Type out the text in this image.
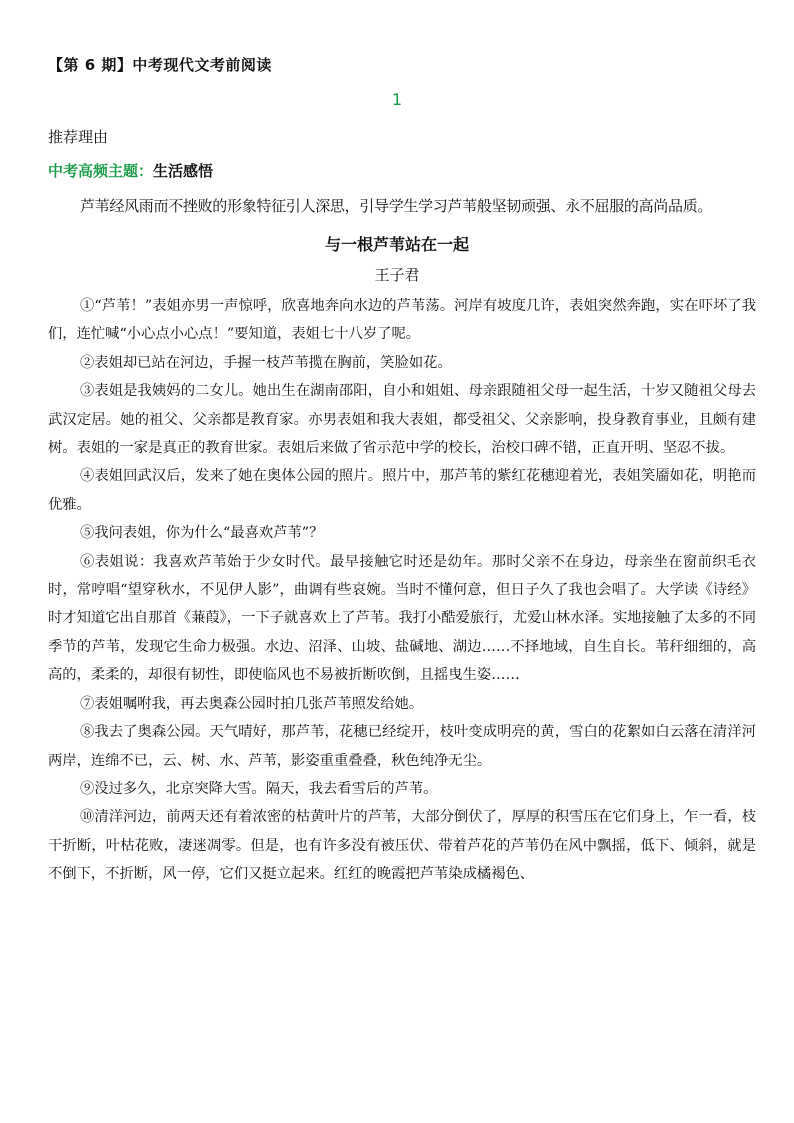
【第 6 期】中考现代文考前阅读
1
推荐理由
中考高频主题：生活感悟
芦苇经风雨而不挫败的形象特征引人深思，引导学生学习芦苇般坚韧顽强、永不屈服的高尚品质。
与一根芦苇站在一起
王子君

①“芦苇！”表姐亦男一声惊呼，欣喜地奔向水边的芦苇荡。河岸有坡度几许，表姐突然奔跑，实在吓坏了我们，连忙喊“小心点小心点！”要知道，表姐七十八岁了呢。

②表姐却已站在河边，手握一枝芦苇揽在胸前，笑脸如花。

③表姐是我姨妈的二女儿。她出生在湖南邵阳，自小和姐姐、母亲跟随祖父母一起生活，十岁又随祖父母去武汉定居。她的祖父、父亲都是教育家。亦男表姐和我大表姐，都受祖父、父亲影响，投身教育事业，且颇有建树。表姐的一家是真正的教育世家。表姐后来做了省示范中学的校长，治校口碑不错，正直开明、坚忍不拔。

④表姐回武汉后，发来了她在奥体公园的照片。照片中，那芦苇的紫红花穗迎着光，表姐笑靥如花，明艳而优雅。

⑤我问表姐，你为什么“最喜欢芦苇”？

⑥表姐说：我喜欢芦苇始于少女时代。最早接触它时还是幼年。那时父亲不在身边，母亲坐在窗前织毛衣时，常哼唱“望穿秋水，不见伊人影”，曲调有些哀婉。当时不懂何意，但日子久了我也会唱了。大学读《诗经》时才知道它出自那首《蒹葭》，一下子就喜欢上了芦苇。我打小酷爱旅行，尤爱山林水泽。实地接触了太多的不同季节的芦苇，发现它生命力极强。水边、沼泽、山坡、盐碱地、湖边……不择地域，自生自长。苇秆细细的，高高的，柔柔的，却很有韧性，即使临风也不易被折断吹倒，且摇曳生姿……

⑦表姐嘱咐我，再去奥森公园时拍几张芦苇照发给她。

⑧我去了奥森公园。天气晴好，那芦苇，花穗已经绽开，枝叶变成明亮的黄，雪白的花絮如白云落在清洋河两岸，连绵不已，云、树、水、芦苇，影姿重重叠叠，秋色纯净无尘。

⑨没过多久，北京突降大雪。隔天，我去看雪后的芦苇。

⑩清洋河边，前两天还有着浓密的枯黄叶片的芦苇，大部分倒伏了，厚厚的积雪压在它们身上，乍一看，枝干折断，叶枯花败，凄迷凋零。但是，也有许多没有被压伏、带着芦花的芦苇仍在风中飘摇，低下、倾斜，就是不倒下，不折断，风一停，它们又挺立起来。红红的晚霞把芦苇染成橘褐色、
